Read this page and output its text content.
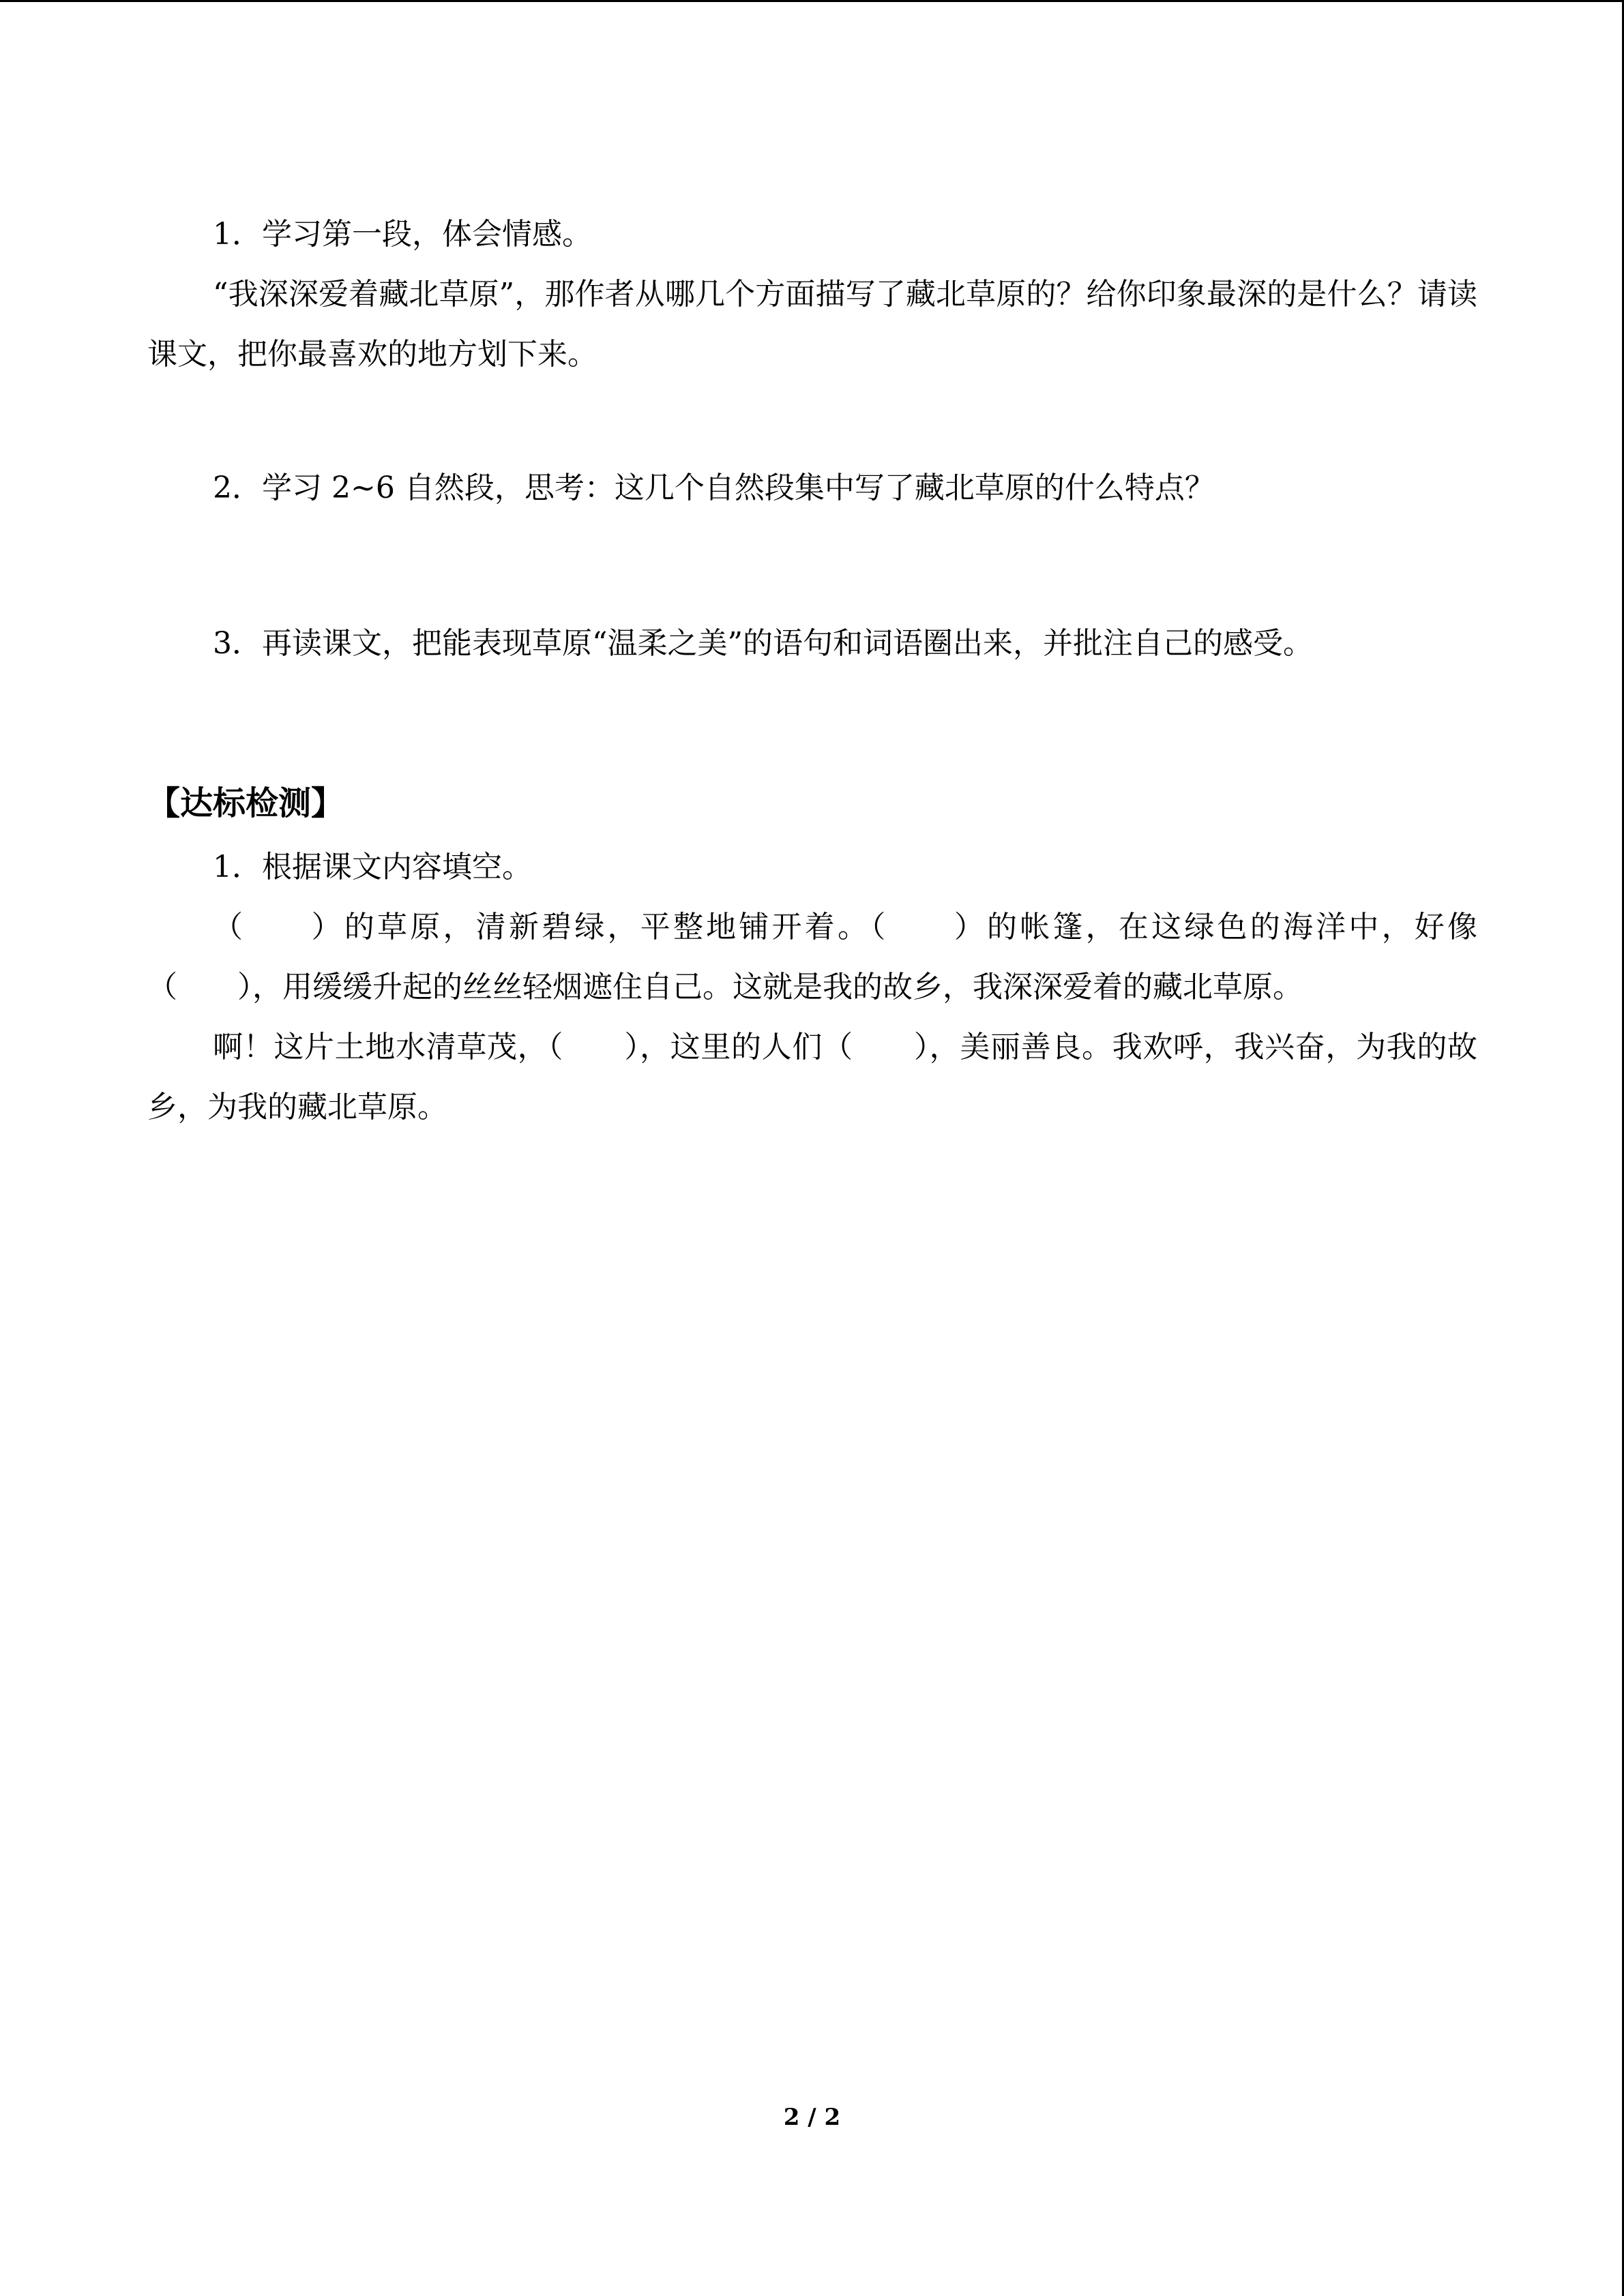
1．学习第一段，体会情感。

“我深深爱着藏北草原”，那作者从哪几个方面描写了藏北草原的？给你印象最深的是什么？请读课文，把你最喜欢的地方划下来。

2．学习 2~6 自然段，思考：这几个自然段集中写了藏北草原的什么特点？

3．再读课文，把能表现草原“温柔之美”的语句和词语圈出来，并批注自己的感受。

【达标检测】

1．根据课文内容填空。

（　　）的草原，清新碧绿，平整地铺开着。（　　）的帐篷，在这绿色的海洋中，好像（　　），用缓缓升起的丝丝轻烟遮住自己。这就是我的故乡，我深深爱着的藏北草原。

啊！这片土地水清草茂，（　　），这里的人们（　　），美丽善良。我欢呼，我兴奋，为我的故乡，为我的藏北草原。

2 / 2
